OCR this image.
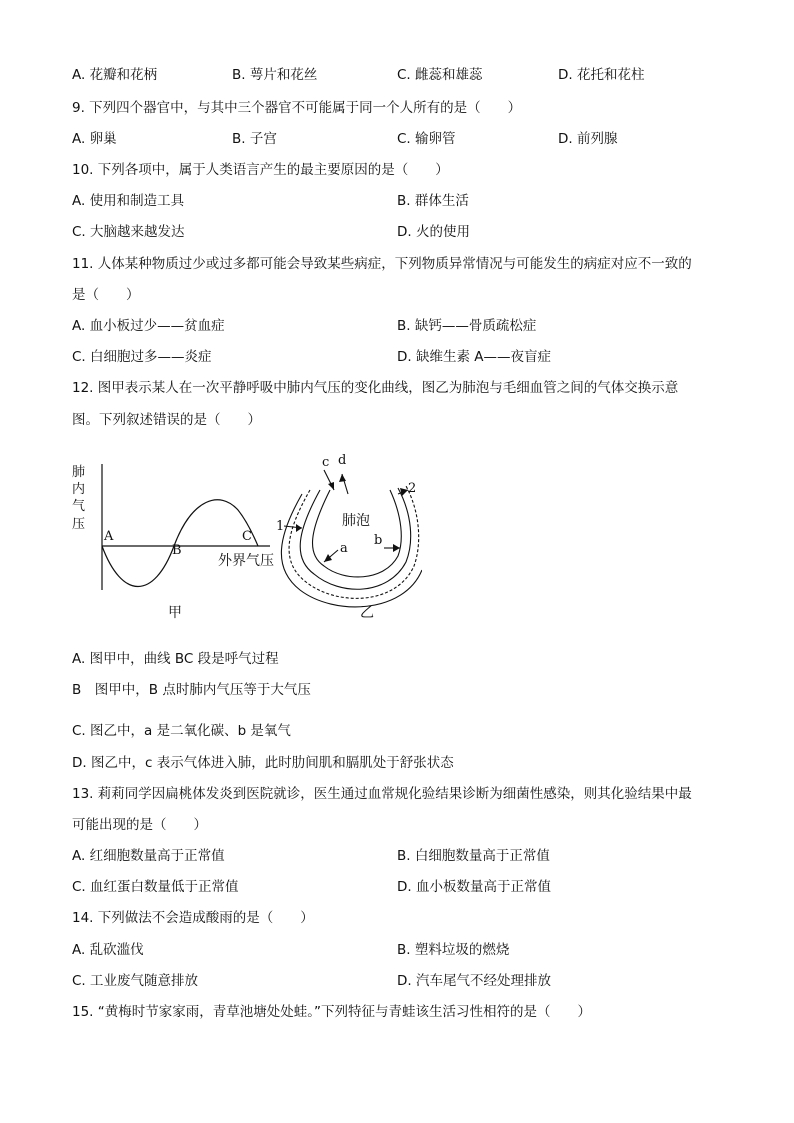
A. 花瓣和花柄	B. 萼片和花丝	C. 雌蕊和雄蕊	D. 花托和花柱
9. 下列四个器官中，与其中三个器官不可能属于同一个人所有的是（　　）
A. 卵巢	B. 子宫	C. 输卵管	D. 前列腺
10. 下列各项中，属于人类语言产生的最主要原因的是（　　）
A. 使用和制造工具	B. 群体生活
C. 大脑越来越发达	D. 火的使用
11. 人体某种物质过少或过多都可能会导致某些病症，下列物质异常情况与可能发生的病症对应不一致的
是（　　）
A. 血小板过少——贫血症	B. 缺钙——骨质疏松症
C. 白细胞过多——炎症	D. 缺维生素 A——夜盲症
12. 图甲表示某人在一次平静呼吸中肺内气压的变化曲线，图乙为肺泡与毛细血管之间的气体交换示意
图。下列叙述错误的是（　　）
肺
内
气
压
A
B
C
外界气压
甲
c d
1
2
a
b
肺泡
乙
A. 图甲中，曲线 BC 段是呼气过程
B　图甲中，B 点时肺内气压等于大气压
C. 图乙中，a 是二氧化碳、b 是氧气
D. 图乙中，c 表示气体进入肺，此时肋间肌和膈肌处于舒张状态
13. 莉莉同学因扁桃体发炎到医院就诊，医生通过血常规化验结果诊断为细菌性感染，则其化验结果中最
可能出现的是（　　）
A. 红细胞数量高于正常值	B. 白细胞数量高于正常值
C. 血红蛋白数量低于正常值	D. 血小板数量高于正常值
14. 下列做法不会造成酸雨的是（　　）
A. 乱砍滥伐	B. 塑料垃圾的燃烧
C. 工业废气随意排放	D. 汽车尾气不经处理排放
15. “黄梅时节家家雨，青草池塘处处蛙。”下列特征与青蛙该生活习性相符的是（　　）
